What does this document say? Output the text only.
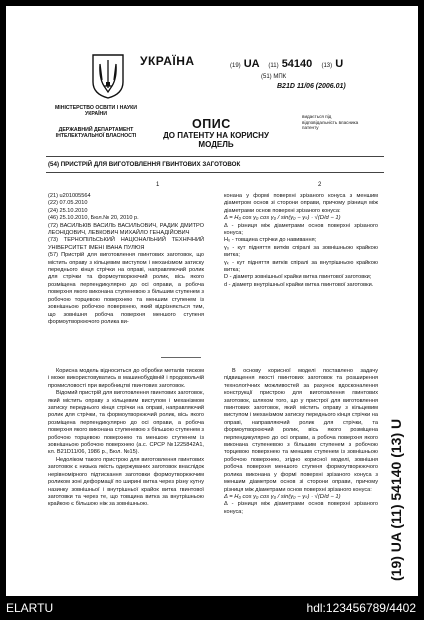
УКРАЇНА
МІНІСТЕРСТВО ОСВІТИ І НАУКИ УКРАЇНИ
ДЕРЖАВНИЙ ДЕПАРТАМЕНТ ІНТЕЛЕКТУАЛЬНОЇ ВЛАСНОСТІ
(19) UA (11) 54140 (13) U
(51) МПК
B21D 11/06 (2006.01)
ОПИС
ДО ПАТЕНТУ НА КОРИСНУ МОДЕЛЬ
видається під відповідальність власника патенту
(54) ПРИСТРІЙ ДЛЯ ВИГОТОВЛЕННЯ ГВИНТОВИХ ЗАГОТОВОК
1	2

(21) u201005564

(22) 07.05.2010

(24) 25.10.2010

(46) 25.10.2010, Бюл.№ 20, 2010 р.

(72) ВАСИЛЬКІВ ВАСИЛЬ ВАСИЛЬОВИЧ, РАДИК ДМИТРО ЛЕОНІДОВИЧ, ЛЕВКОВИЧ МИХАЙЛО ГЕНАДІЙОВИЧ

(73) ТЕРНОПІЛЬСЬКИЙ НАЦІОНАЛЬНИЙ ТЕХНІЧНИЙ УНІВЕРСИТЕТ ІМЕНІ ІВАНА ПУЛЮЯ

(57) Пристрій для виготовлення гвинтових заготовок, що містить оправу з кільцевим виступом і механізмом затиску переднього кінця стрічки на оправі, направляючий ролик для стрічки та формоутворюючий ролик, вісь якого розміщена перпендикулярно до осі оправи, а робоча поверхня якого виконана ступеневою з більшим ступенем з робочою торцевою поверхнею та меншим ступенем із зовнішньою робочою поверхнею, який відрізняється тим, що зовнішня робоча поверхня меншого ступеня формоутворюючого ролика ви-

конана у формі поверхні зрізаного конуса з меншим діаметром основ зі сторони оправи, причому різниця між діаметрами основ поверхні зрізаного конуса:

Δ = H₀ cos γ₀ cos γ₀ / sin(γ₀ − γₖ) · √(D/d − 1)

Δ - різниця між діаметрами основ поверхні зрізаного конуса;

H₀ - товщина стрічки до навивання;

γ₀ - кут підняття витків спіралі за зовнішньою крайкою витка;

γₖ - кут підняття витків спіралі за внутрішньою крайкою витка;

D - діаметр зовнішньої крайки витка гвинтової заготовки;

d - діаметр внутрішньої крайки витка гвинтової заготовки.

Корисна модель відноситься до обробки металів тиском і може використовуватись в машинобудівній і продовольчій промисловості при виробництві гвинтових заготовок.

Відомий пристрій для виготовлення гвинтових заготовок, який містить оправу з кільцевим виступом і механізмом затиску переднього кінця стрічки на оправі, направляючий ролик для стрічки, та формоутворюючий ролик, вісь якого розміщена перпендикулярно до осі оправи, а робоча поверхня якого виконана ступеневою з більшою ступенем з робочою торцевою поверхнею та меншою ступенем із зовнішньою робочою поверхнею (а.с. СРСР №1225842А1, кл. B21D11/06, 1986 р., Бюл. №15).

Недоліком такого пристрою для виготовлення гвинтових заготовок є низька якість одержуваних заготовок внаслідок нерівномірного підтискання заготовки формоутворюючим роликом зоні деформації по ширині витка через різну кутну назинку зовнішньої і внутрішньої крайок витка гвинтової заготовки та через те, що товщина витка за внутрішньою крайкою є більшою ніж за зовнішньою.

В основу корисної моделі поставлено задачу підвищення якості гвинтових заготовок та розширення технологічних можливостей за рахунок вдосконалення конструкції пристрою для виготовлення гвинтових заготовок, шляхом того, що у пристрої для виготовлення гвинтових заготовок, який містить оправу з кільцевим виступом і механізмом затиску переднього кінця стрічки на оправі, направляючий ролик для стрічки, та формоутворюючий ролик, вісь якого розміщена перпендикулярно до осі оправи, а робоча поверхня якого виконана ступеневою з більшим ступенем з робочою торцевою поверхнею та меншим ступенем із зовнішньою робочою поверхнею, згідно корисної моделі, зовнішня робоча поверхня меншого ступеня формоутворюючого ролика виконана у формі поверхні зрізаного конуса з меншим діаметром основ зі сторони оправи, причому різниця між діаметрами основ поверхні зрізаного конуса:

Δ = H₀ cos γ₀ cos γ₀ / sin(γ₀ − γₖ) · √(D/d − 1)

Δ - різниця між діаметрами основ поверхні зрізаного конуса;	(19) UA (11) 54140 (13) U
ELARTU	hdl:123456789/4402
